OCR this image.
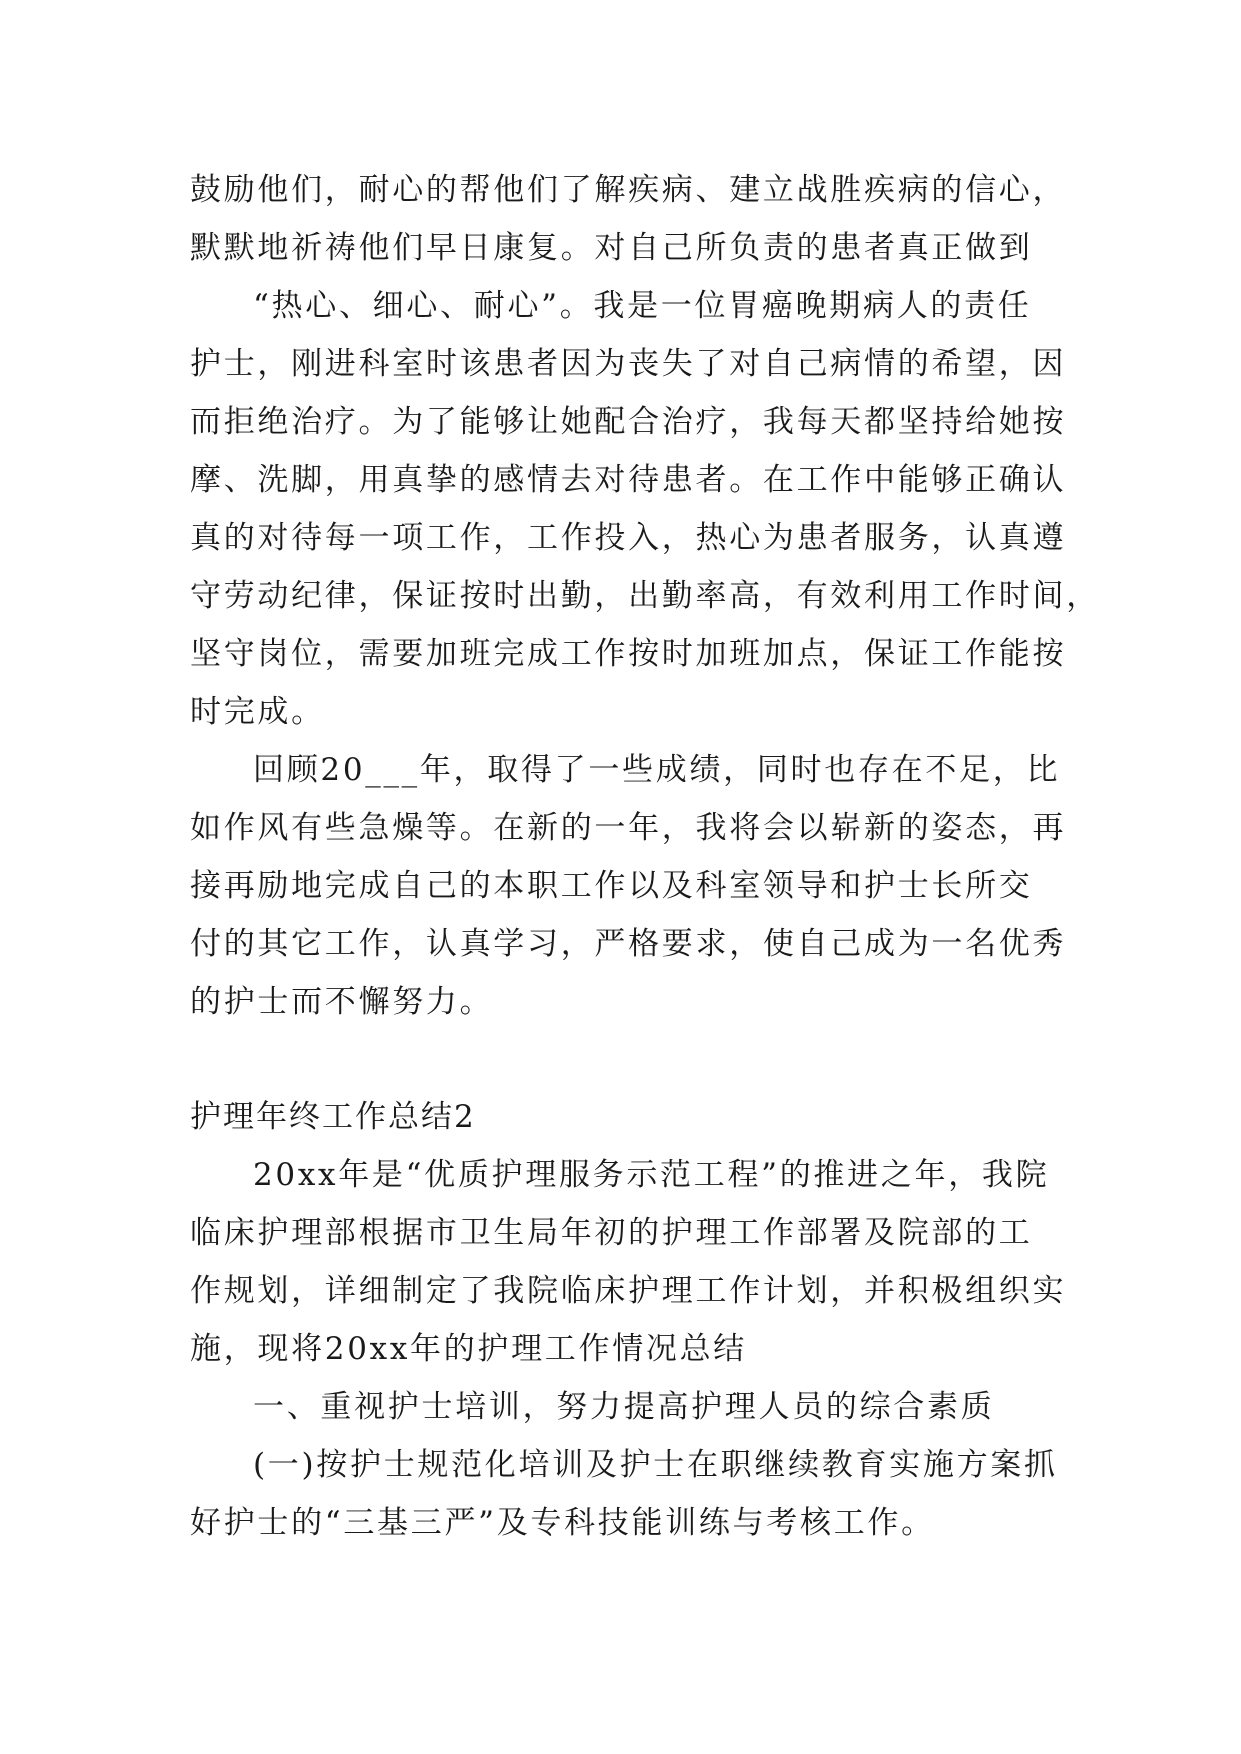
鼓励他们，耐心的帮他们了解疾病、建立战胜疾病的信心，
默默地祈祷他们早日康复。对自己所负责的患者真正做到
“热心、细心、耐心”。我是一位胃癌晚期病人的责任
护士，刚进科室时该患者因为丧失了对自己病情的希望，因
而拒绝治疗。为了能够让她配合治疗，我每天都坚持给她按
摩、洗脚，用真挚的感情去对待患者。在工作中能够正确认
真的对待每一项工作，工作投入，热心为患者服务，认真遵
守劳动纪律，保证按时出勤，出勤率高，有效利用工作时间，
坚守岗位，需要加班完成工作按时加班加点，保证工作能按
时完成。
回顾20___年，取得了一些成绩，同时也存在不足，比
如作风有些急燥等。在新的一年，我将会以崭新的姿态，再
接再励地完成自己的本职工作以及科室领导和护士长所交
付的其它工作，认真学习，严格要求，使自己成为一名优秀
的护士而不懈努力。
护理年终工作总结2
20xx年是“优质护理服务示范工程”的推进之年，我院
临床护理部根据市卫生局年初的护理工作部署及院部的工
作规划，详细制定了我院临床护理工作计划，并积极组织实
施，现将20xx年的护理工作情况总结
一、重视护士培训，努力提高护理人员的综合素质
(一)按护士规范化培训及护士在职继续教育实施方案抓
好护士的“三基三严”及专科技能训练与考核工作。
